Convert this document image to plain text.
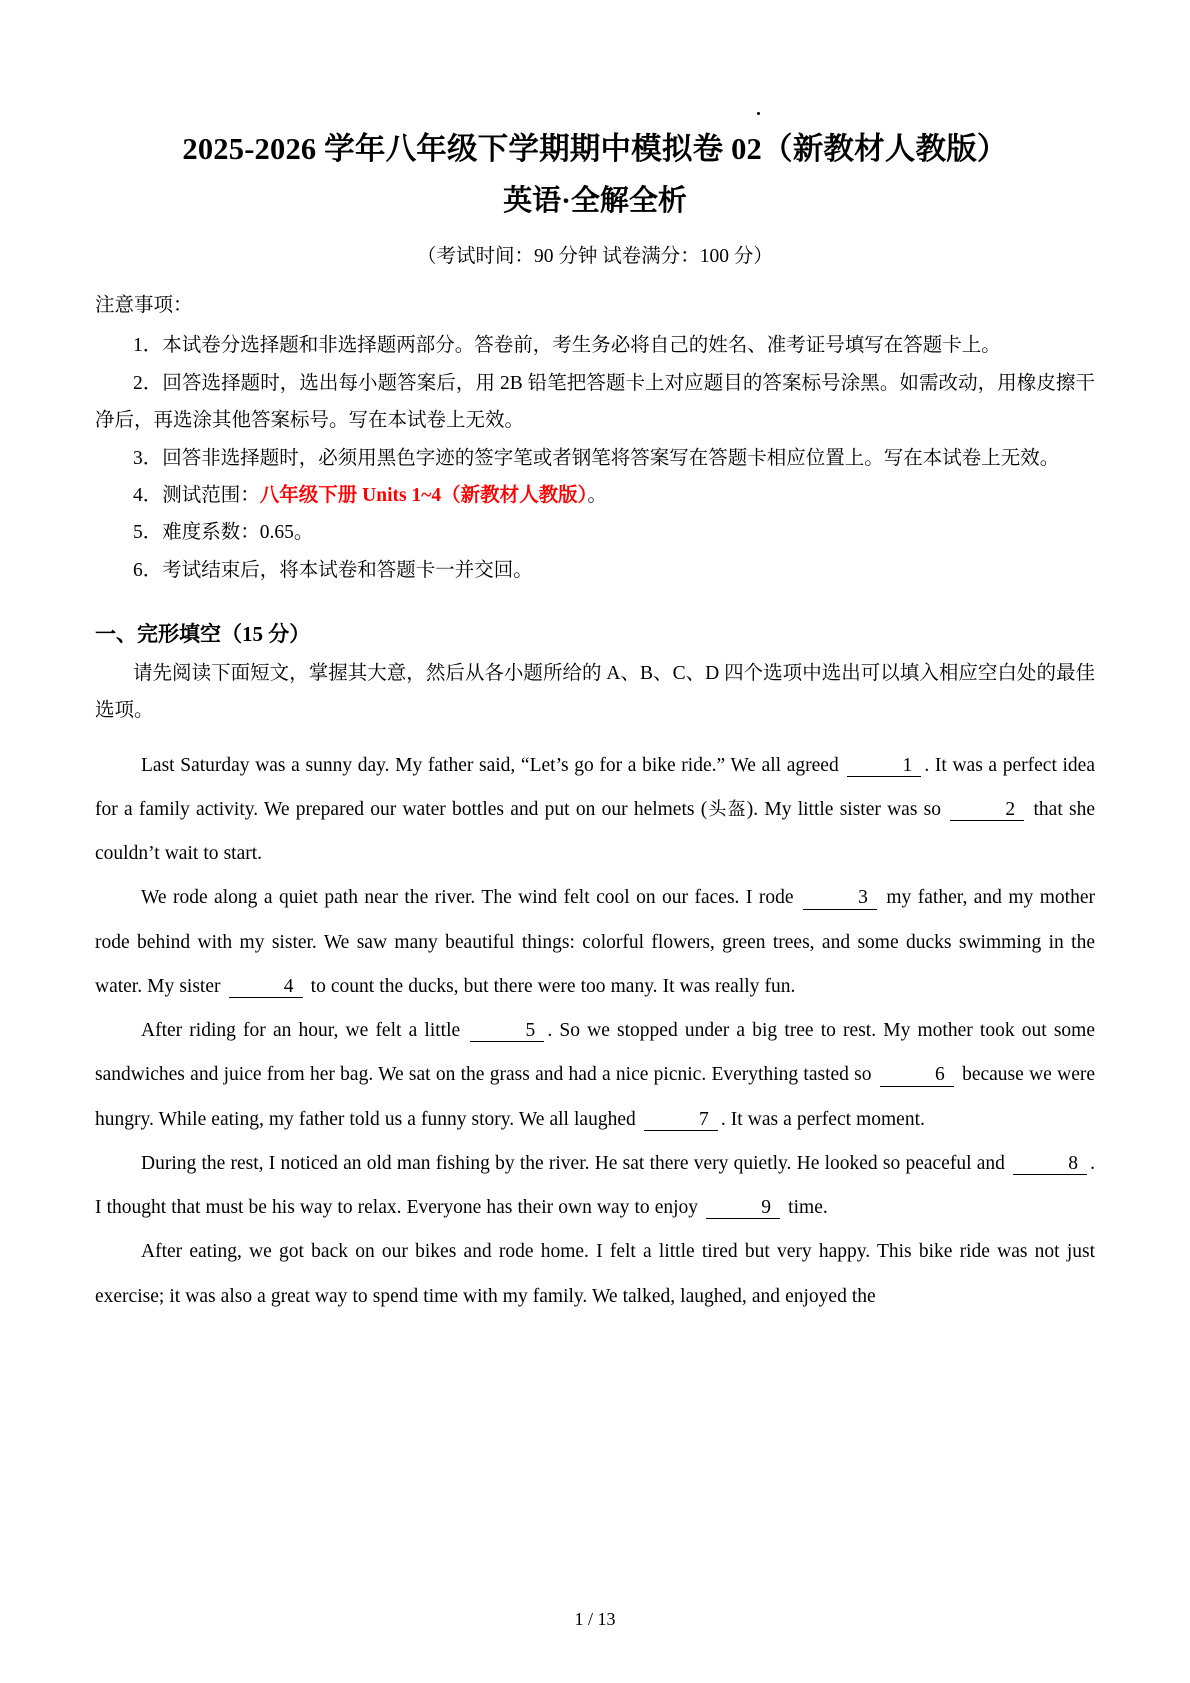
2025-2026 学年八年级下学期期中模拟卷 02（新教材人教版）
英语·全解全析

（考试时间：90 分钟 试卷满分：100 分）

注意事项：

1．本试卷分选择题和非选择题两部分。答卷前，考生务必将自己的姓名、准考证号填写在答题卡上。

2．回答选择题时，选出每小题答案后，用 2B 铅笔把答题卡上对应题目的答案标号涂黑。如需改动，用橡皮擦干净后，再选涂其他答案标号。写在本试卷上无效。

3．回答非选择题时，必须用黑色字迹的签字笔或者钢笔将答案写在答题卡相应位置上。写在本试卷上无效。

4．测试范围：八年级下册 Units 1~4（新教材人教版）。

5．难度系数：0.65。

6．考试结束后，将本试卷和答题卡一并交回。

一、完形填空（15 分）

请先阅读下面短文，掌握其大意，然后从各小题所给的 A、B、C、D 四个选项中选出可以填入相应空白处的最佳选项。

Last Saturday was a sunny day. My father said, “Let’s go for a bike ride.” We all agreed	1 . It was a perfect idea for a family activity. We prepared our water bottles and put on our helmets (头盔). My little sister was so	2 that she couldn’t wait to start.

We rode along a quiet path near the river. The wind felt cool on our faces. I rode	3 my father, and my mother rode behind with my sister. We saw many beautiful things: colorful flowers, green trees, and some ducks swimming in the water. My sister	4 to count the ducks, but there were too many. It was really fun.

After riding for an hour, we felt a little	5 . So we stopped under a big tree to rest. My mother took out some sandwiches and juice from her bag. We sat on the grass and had a nice picnic. Everything tasted so	6 because we were hungry. While eating, my father told us a funny story. We all laughed	7 . It was a perfect moment.

During the rest, I noticed an old man fishing by the river. He sat there very quietly. He looked so peaceful and	8 . I thought that must be his way to relax. Everyone has their own way to enjoy	9 time.

After eating, we got back on our bikes and rode home. I felt a little tired but very happy. This bike ride was not just exercise; it was also a great way to spend time with my family. We talked, laughed, and enjoyed the

1 / 13
